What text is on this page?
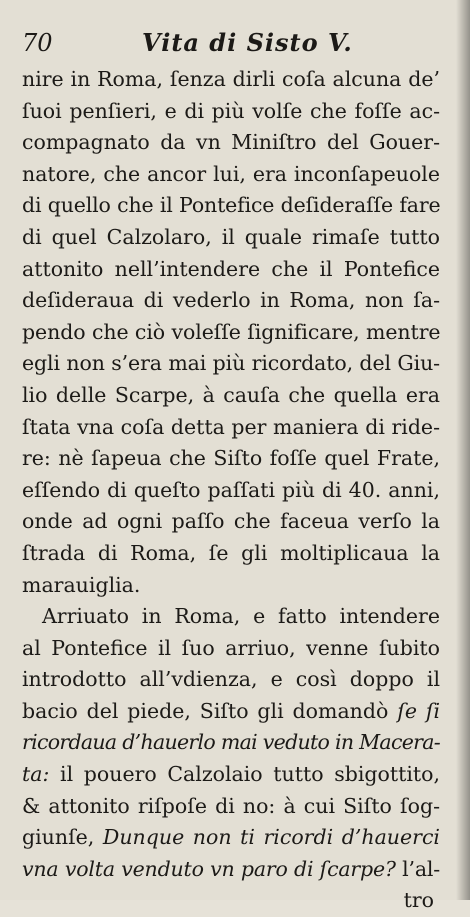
70	Vita di Sisto V.
nire in Roma, ſenza dirli coſa alcuna de’
ſuoi penſieri, e di più volſe che foſſe ac-
compagnato da vn Miniſtro del Gouer-
natore, che ancor lui, era inconſapeuole
di quello che il Pontefice deſideraſſe fare
di quel Calzolaro, il quale rimaſe tutto
attonito nell’intendere che il Pontefice
deſideraua di vederlo in Roma, non ſa-
pendo che ciò voleſſe ſignificare, mentre
egli non s’era mai più ricordato, del Giu-
lio delle Scarpe, à cauſa che quella era
ſtata vna coſa detta per maniera di ride-
re: nè ſapeua che Siſto foſſe quel Frate,
eſſendo di queſto paſſati più di 40. anni,
onde ad ogni paſſo che faceua verſo la
ſtrada di Roma, ſe gli moltiplicaua la
marauiglia.
Arriuato in Roma, e fatto intendere
al Pontefice il ſuo arriuo, venne ſubito
introdotto all’vdienza, e così doppo il
bacio del piede, Siſto gli domandò ſe ſi
ricordaua d’hauerlo mai veduto in Macera-
ta: il pouero Calzolaio tutto sbigottito,
& attonito riſpoſe di no: à cui Siſto ſog-
giunſe, Dunque non ti ricordi d’hauerci
vna volta venduto vn paro di ſcarpe? l’al-
tro
